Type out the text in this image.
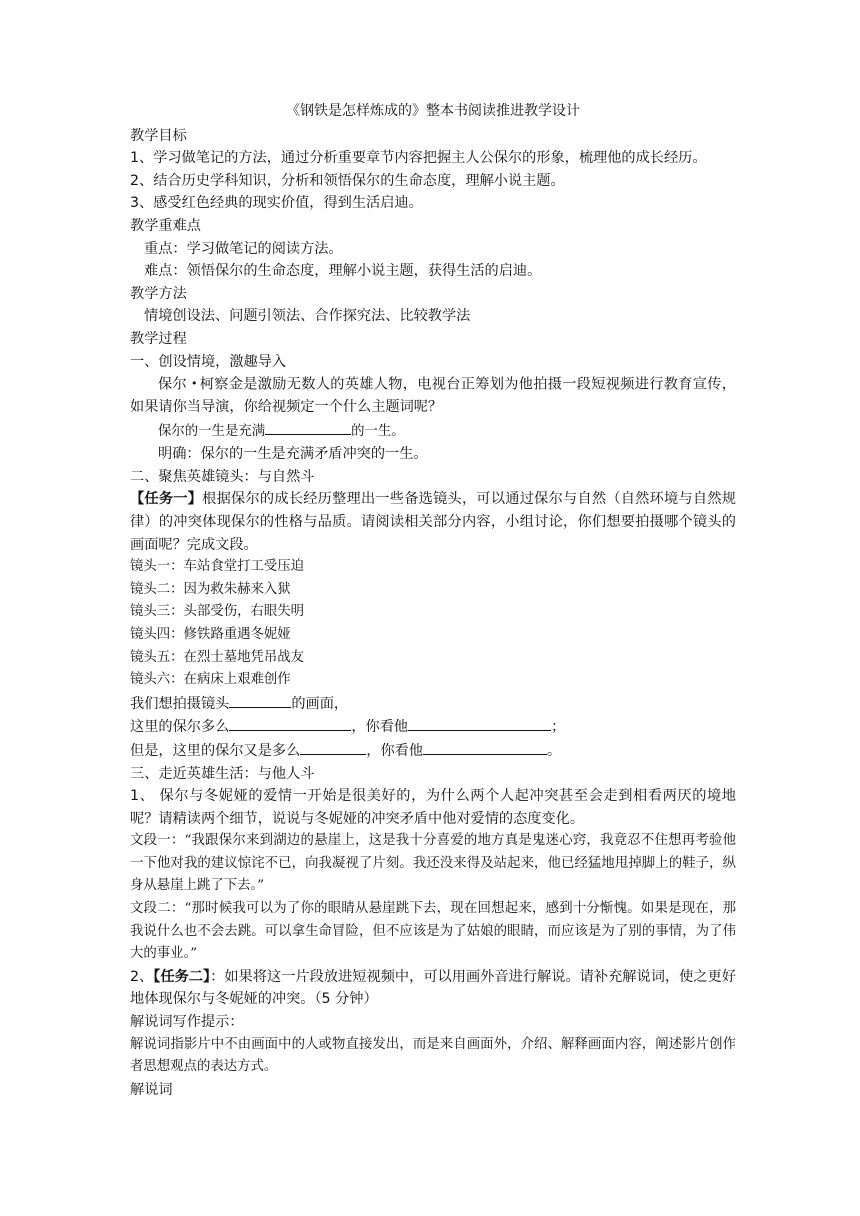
《钢铁是怎样炼成的》整本书阅读推进教学设计
教学目标
1、学习做笔记的方法，通过分析重要章节内容把握主人公保尔的形象，梳理他的成长经历。
2、结合历史学科知识，分析和领悟保尔的生命态度，理解小说主题。
3、感受红色经典的现实价值，得到生活启迪。
教学重难点
重点：学习做笔记的阅读方法。
难点：领悟保尔的生命态度，理解小说主题，获得生活的启迪。
教学方法
情境创设法、问题引领法、合作探究法、比较教学法
教学过程
一、创设情境，激趣导入
保尔 • 柯察金是激励无数人的英雄人物，电视台正筹划为他拍摄一段短视频进行教育宣传，如果请你当导演，你给视频定一个什么主题词呢？
保尔的一生是充满	的一生。
明确：保尔的一生是充满矛盾冲突的一生。
二、聚焦英雄镜头：与自然斗
【任务一】根据保尔的成长经历整理出一些备选镜头，可以通过保尔与自然（自然环境与自然规律）的冲突体现保尔的性格与品质。请阅读相关部分内容，小组讨论，你们想要拍摄哪个镜头的画面呢？完成文段。
镜头一：车站食堂打工受压迫
镜头二：因为救朱赫来入狱
镜头三：头部受伤，右眼失明
镜头四：修铁路重遇冬妮娅
镜头五：在烈士墓地凭吊战友
镜头六：在病床上艰难创作
我们想拍摄镜头	的画面，
这里的保尔多么	，你看他	；
但是，这里的保尔又是多么	，你看他	。
三、走近英雄生活：与他人斗
1、 保尔与冬妮娅的爱情一开始是很美好的，为什么两个人起冲突甚至会走到相看两厌的境地呢？请精读两个细节，说说与冬妮娅的冲突矛盾中他对爱情的态度变化。
文段一：“我跟保尔来到湖边的悬崖上，这是我十分喜爱的地方真是鬼迷心窍，我竟忍不住想再考验他一下他对我的建议惊诧不已，向我凝视了片刻。我还没来得及站起来，他已经猛地甩掉脚上的鞋子，纵身从悬崖上跳了下去。”
文段二：“那时候我可以为了你的眼睛从悬崖跳下去，现在回想起来，感到十分惭愧。如果是现在，那我说什么也不会去跳。可以拿生命冒险，但不应该是为了姑娘的眼睛，而应该是为了别的事情，为了伟大的事业。”
2、【任务二】：如果将这一片段放进短视频中，可以用画外音进行解说。请补充解说词，使之更好地体现保尔与冬妮娅的冲突。（5 分钟）
解说词写作提示：
解说词指影片中不由画面中的人或物直接发出，而是来自画面外，介绍、解释画面内容，阐述影片创作者思想观点的表达方式。
解说词
